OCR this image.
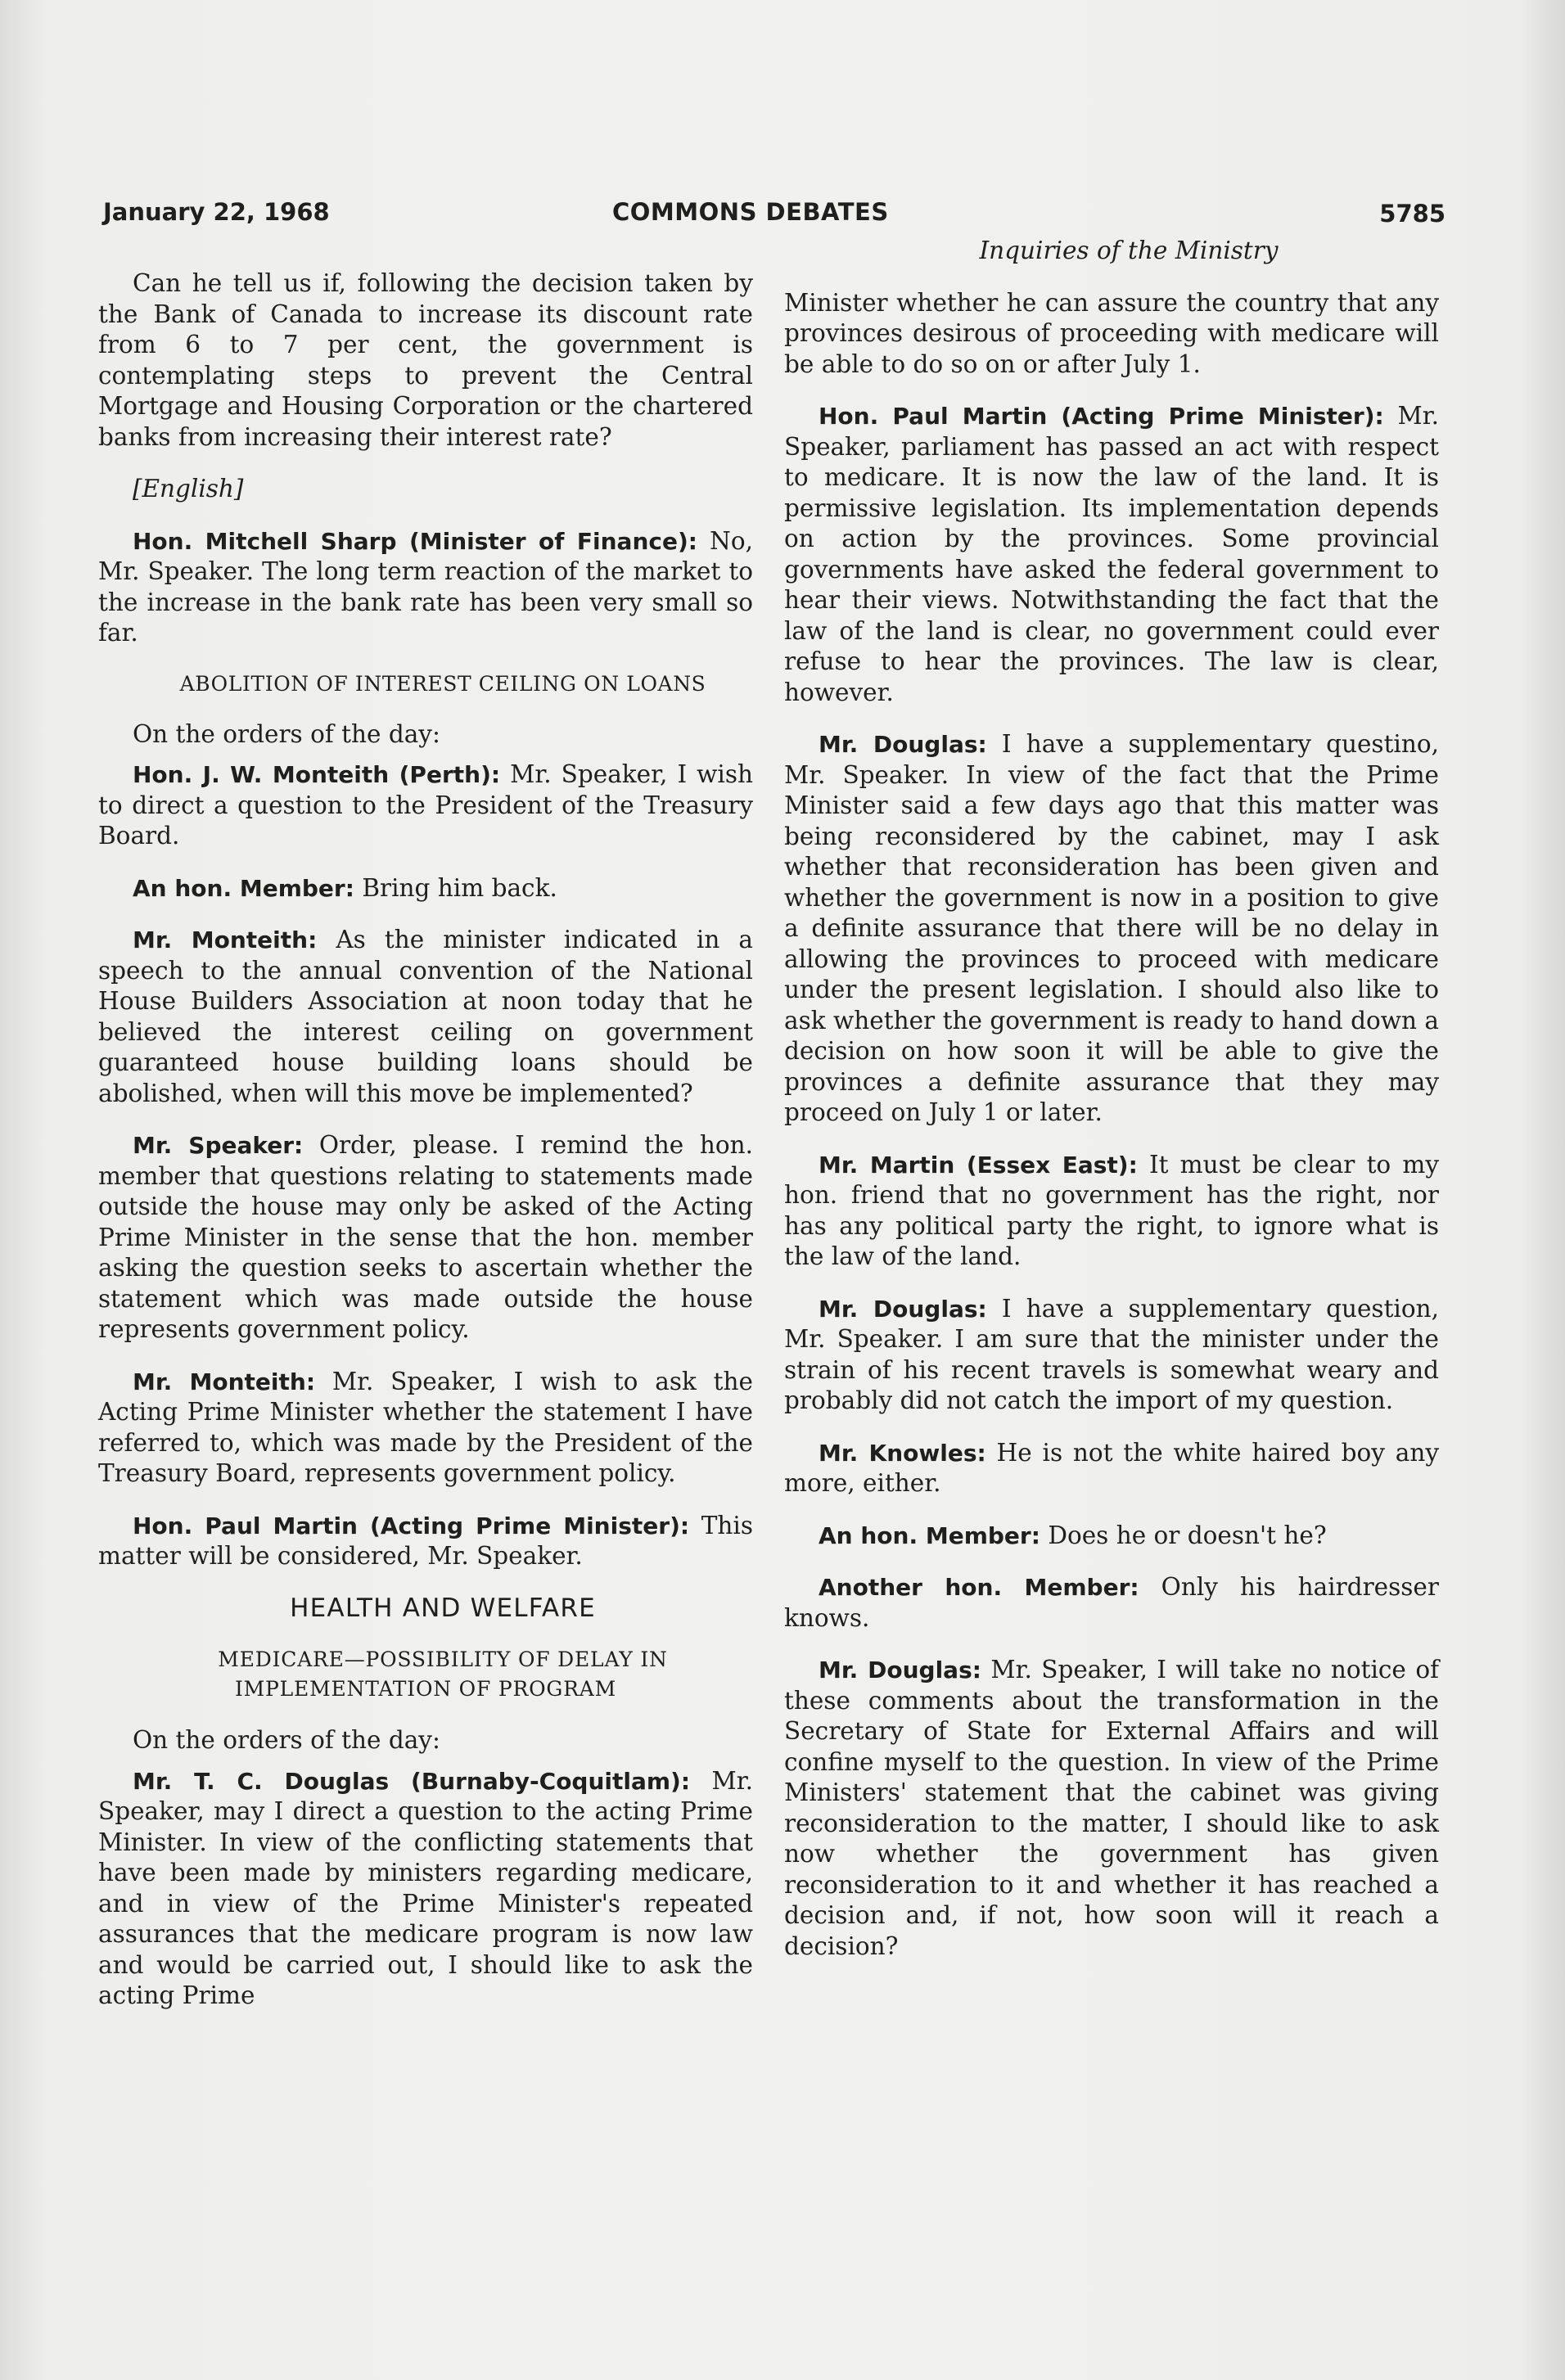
January 22, 1968	COMMONS DEBATES	5785

Can he tell us if, following the decision taken by the Bank of Canada to increase its discount rate from 6 to 7 per cent, the government is contemplating steps to prevent the Central Mortgage and Housing Corporation or the chartered banks from increasing their interest rate?

[English]

Hon. Mitchell Sharp (Minister of Finance): No, Mr. Speaker. The long term reaction of the market to the increase in the bank rate has been very small so far.

ABOLITION OF INTEREST CEILING ON LOANS

On the orders of the day:

Hon. J. W. Monteith (Perth): Mr. Speaker, I wish to direct a question to the President of the Treasury Board.

An hon. Member: Bring him back.

Mr. Monteith: As the minister indicated in a speech to the annual convention of the National House Builders Association at noon today that he believed the interest ceiling on government guaranteed house building loans should be abolished, when will this move be implemented?

Mr. Speaker: Order, please. I remind the hon. member that questions relating to statements made outside the house may only be asked of the Acting Prime Minister in the sense that the hon. member asking the question seeks to ascertain whether the statement which was made outside the house represents government policy.

Mr. Monteith: Mr. Speaker, I wish to ask the Acting Prime Minister whether the statement I have referred to, which was made by the President of the Treasury Board, represents government policy.

Hon. Paul Martin (Acting Prime Minister): This matter will be considered, Mr. Speaker.

HEALTH AND WELFARE

MEDICARE—POSSIBILITY OF DELAY IN IMPLEMENTATION OF PROGRAM

On the orders of the day:

Mr. T. C. Douglas (Burnaby-Coquitlam): Mr. Speaker, may I direct a question to the acting Prime Minister. In view of the conflicting statements that have been made by ministers regarding medicare, and in view of the Prime Minister's repeated assurances that the medicare program is now law and would be carried out, I should like to ask the acting Prime

Inquiries of the Ministry

Minister whether he can assure the country that any provinces desirous of proceeding with medicare will be able to do so on or after July 1.

Hon. Paul Martin (Acting Prime Minister): Mr. Speaker, parliament has passed an act with respect to medicare. It is now the law of the land. It is permissive legislation. Its implementation depends on action by the provinces. Some provincial governments have asked the federal government to hear their views. Notwithstanding the fact that the law of the land is clear, no government could ever refuse to hear the provinces. The law is clear, however.

Mr. Douglas: I have a supplementary questino, Mr. Speaker. In view of the fact that the Prime Minister said a few days ago that this matter was being reconsidered by the cabinet, may I ask whether that reconsideration has been given and whether the government is now in a position to give a definite assurance that there will be no delay in allowing the provinces to proceed with medicare under the present legislation. I should also like to ask whether the government is ready to hand down a decision on how soon it will be able to give the provinces a definite assurance that they may proceed on July 1 or later.

Mr. Martin (Essex East): It must be clear to my hon. friend that no government has the right, nor has any political party the right, to ignore what is the law of the land.

Mr. Douglas: I have a supplementary question, Mr. Speaker. I am sure that the minister under the strain of his recent travels is somewhat weary and probably did not catch the import of my question.

Mr. Knowles: He is not the white haired boy any more, either.

An hon. Member: Does he or doesn't he?

Another hon. Member: Only his hairdresser knows.

Mr. Douglas: Mr. Speaker, I will take no notice of these comments about the transformation in the Secretary of State for External Affairs and will confine myself to the question. In view of the Prime Ministers' statement that the cabinet was giving reconsideration to the matter, I should like to ask now whether the government has given reconsideration to it and whether it has reached a decision and, if not, how soon will it reach a decision?
